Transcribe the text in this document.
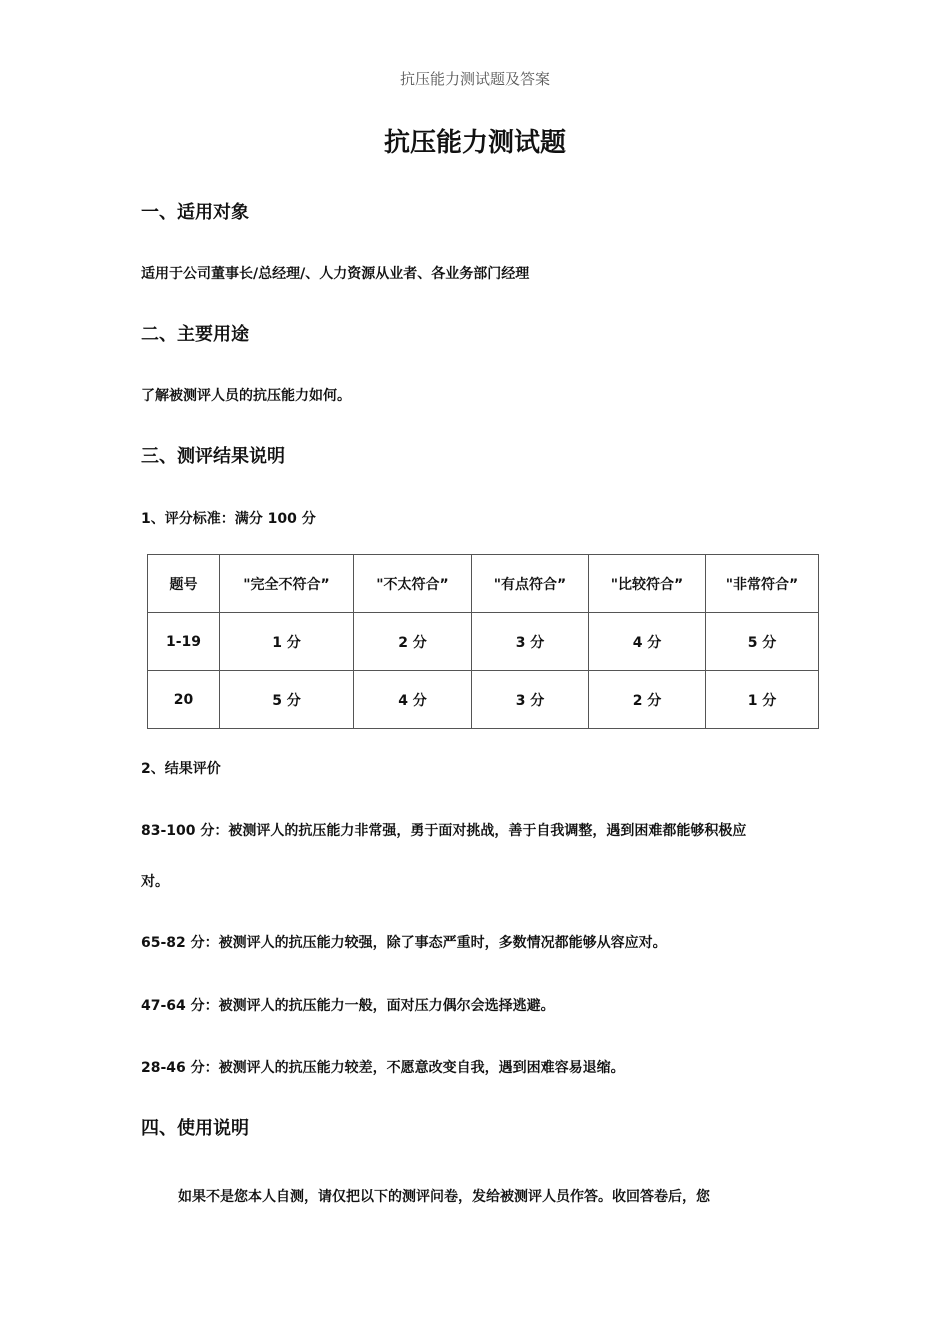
抗压能力测试题及答案
抗压能力测试题
一、适用对象
适用于公司董事长/总经理/、人力资源从业者、各业务部门经理
二、主要用途
了解被测评人员的抗压能力如何。
三、测评结果说明
1、评分标准：满分 100 分
题号	"完全不符合”	"不太符合”	"有点符合”	"比较符合”	"非常符合”
1-19	1 分	2 分	3 分	4 分	5 分
20	5 分	4 分	3 分	2 分	1 分
2、结果评价
83-100 分：被测评人的抗压能力非常强，勇于面对挑战，善于自我调整，遇到困难都能够积极应
对。
65-82 分：被测评人的抗压能力较强，除了事态严重时，多数情况都能够从容应对。
47-64 分：被测评人的抗压能力一般，面对压力偶尔会选择逃避。
28-46 分：被测评人的抗压能力较差，不愿意改变自我，遇到困难容易退缩。
四、使用说明
如果不是您本人自测，请仅把以下的测评问卷，发给被测评人员作答。收回答卷后，您
